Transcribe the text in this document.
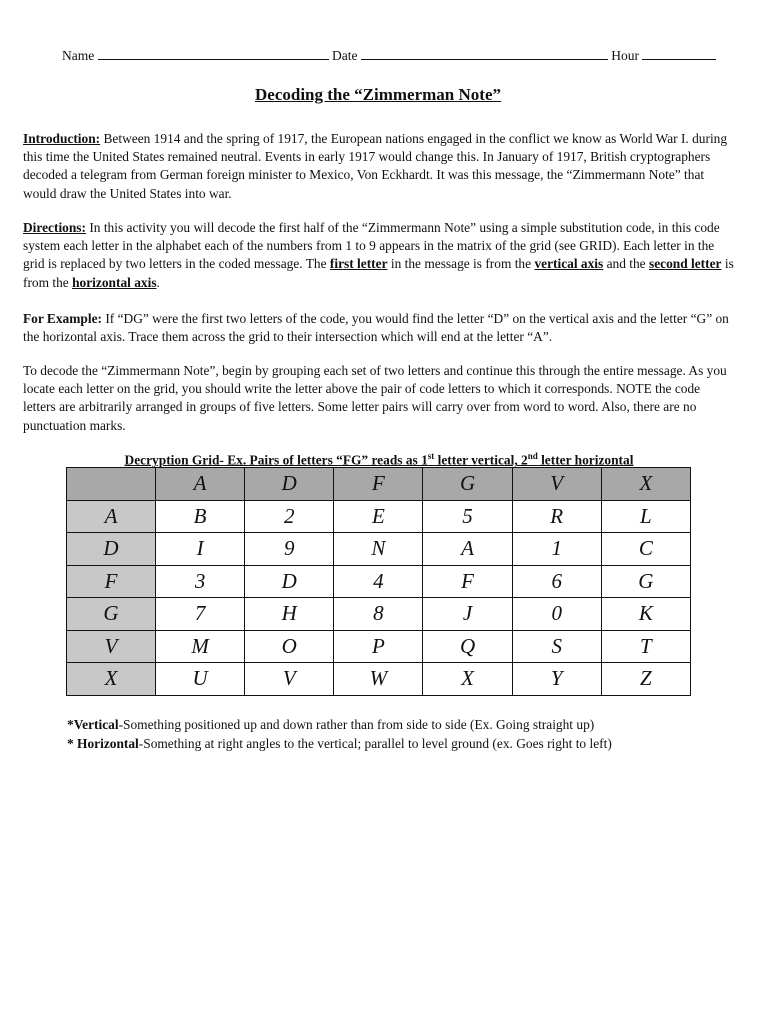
Name	Date	Hour
Decoding the “Zimmerman Note”
Introduction: Between 1914 and the spring of 1917, the European nations engaged in the conflict we know as World War I. during this time the United States remained neutral. Events in early 1917 would change this. In January of 1917, British cryptographers decoded a telegram from German foreign minister to Mexico, Von Eckhardt. It was this message, the “Zimmermann Note” that would draw the United States into war.
Directions: In this activity you will decode the first half of the “Zimmermann Note” using a simple substitution code, in this code system each letter in the alphabet each of the numbers from 1 to 9 appears in the matrix of the grid (see GRID). Each letter in the grid is replaced by two letters in the coded message. The first letter in the message is from the vertical axis and the second letter is from the horizontal axis.
For Example: If “DG” were the first two letters of the code, you would find the letter “D” on the vertical axis and the letter “G” on the horizontal axis. Trace them across the grid to their intersection which will end at the letter “A”.
To decode the “Zimmermann Note”, begin by grouping each set of two letters and continue this through the entire message. As you locate each letter on the grid, you should write the letter above the pair of code letters to which it corresponds. NOTE the code letters are arbitrarily arranged in groups of five letters. Some letter pairs will carry over from word to word. Also, there are no punctuation marks.
Decryption Grid- Ex. Pairs of letters “FG” reads as 1st letter vertical, 2nd letter horizontal
	A	D	F	G	V	X
A	B	2	E	5	R	L
D	I	9	N	A	1	C
F	3	D	4	F	6	G
G	7	H	8	J	0	K
V	M	O	P	Q	S	T
X	U	V	W	X	Y	Z
*Vertical-Something positioned up and down rather than from side to side (Ex. Going straight up)
* Horizontal-Something at right angles to the vertical; parallel to level ground (ex. Goes right to left)
